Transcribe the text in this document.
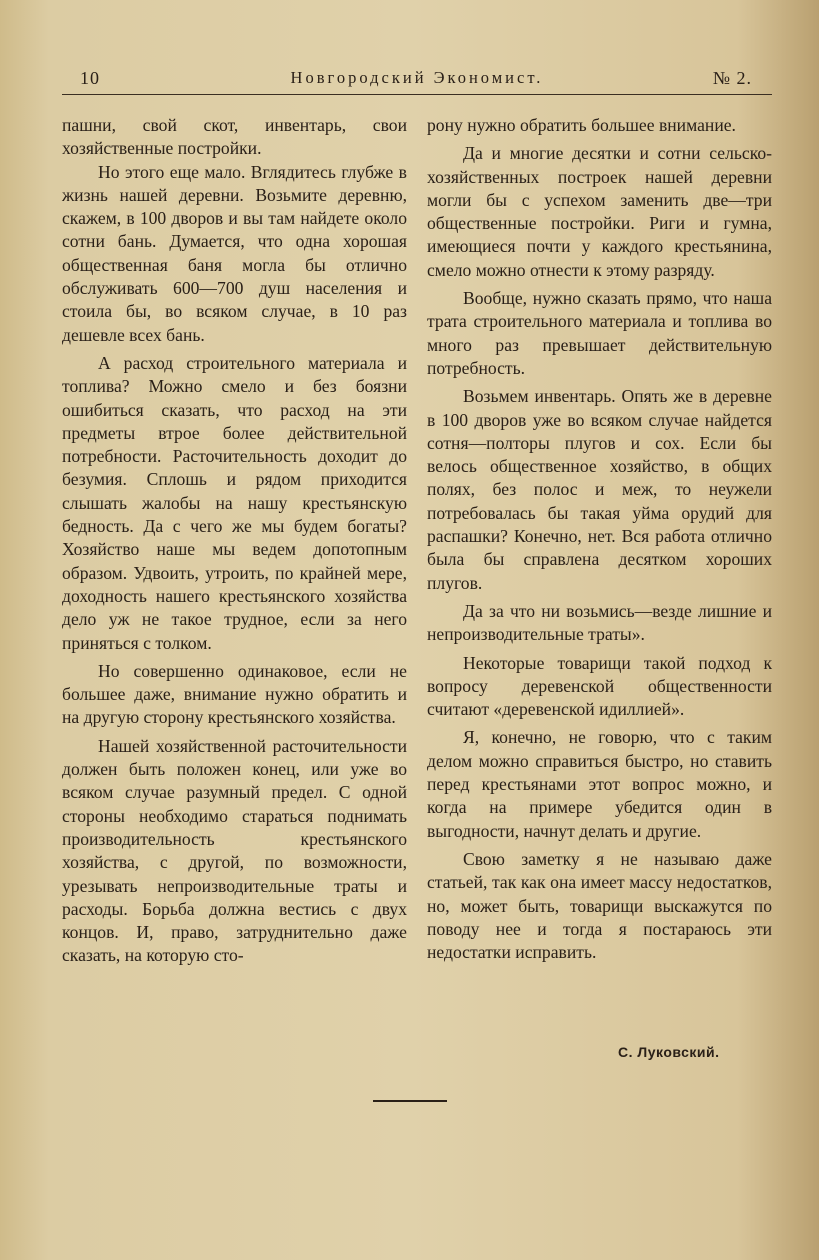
10	Новгородский Экономист.	№ 2.

пашни, свой скот, инвентарь, свои хозяйственные постройки.

Но этого еще мало. Вглядитесь глубже в жизнь нашей деревни. Возьмите деревню, скажем, в 100 дворов и вы там найдете около сотни бань. Думается, что одна хорошая общественная баня могла бы отлично обслуживать 600—700 душ населения и стоила бы, во всяком случае, в 10 раз дешевле всех бань.

А расход строительного материала и топлива? Можно смело и без боязни ошибиться сказать, что расход на эти предметы втрое более действительной потребности. Расточительность доходит до безумия. Сплошь и рядом приходится слышать жалобы на нашу крестьянскую бедность. Да с чего же мы будем богаты? Хозяйство наше мы ведем допотопным образом. Удвоить, утроить, по крайней мере, доходность нашего крестьянского хозяйства дело уж не такое трудное, если за него приняться с толком.

Но совершенно одинаковое, если не большее даже, внимание нужно обратить и на другую сторону крестьянского хозяйства.

Нашей хозяйственной расточительности должен быть положен конец, или уже во всяком случае разумный предел. С одной стороны необходимо стараться поднимать производительность крестьянского хозяйства, с другой, по возможности, урезывать непроизводительные траты и расходы. Борьба должна вестись с двух концов. И, право, затруднительно даже сказать, на которую сто-

рону нужно обратить большее внимание.

Да и многие десятки и сотни сельско-хозяйственных построек нашей деревни могли бы с успехом заменить две—три общественные постройки. Риги и гумна, имеющиеся почти у каждого крестьянина, смело можно отнести к этому разряду.

Вообще, нужно сказать прямо, что наша трата строительного материала и топлива во много раз превышает действительную потребность.

Возьмем инвентарь. Опять же в деревне в 100 дворов уже во всяком случае найдется сотня—полторы плугов и сох. Если бы велось общественное хозяйство, в общих полях, без полос и меж, то неужели потребовалась бы такая уйма орудий для распашки? Конечно, нет. Вся работа отлично была бы справлена десятком хороших плугов.

Да за что ни возьмись—везде лишние и непроизводительные траты».

Некоторые товарищи такой подход к вопросу деревенской общественности считают «деревенской идиллией».

Я, конечно, не говорю, что с таким делом можно справиться быстро, но ставить перед крестьянами этот вопрос можно, и когда на примере убедится один в выгодности, начнут делать и другие.

Свою заметку я не называю даже статьей, так как она имеет массу недостатков, но, может быть, товарищи выскажутся по поводу нее и тогда я постараюсь эти недостатки исправить.

С. Луковский.
